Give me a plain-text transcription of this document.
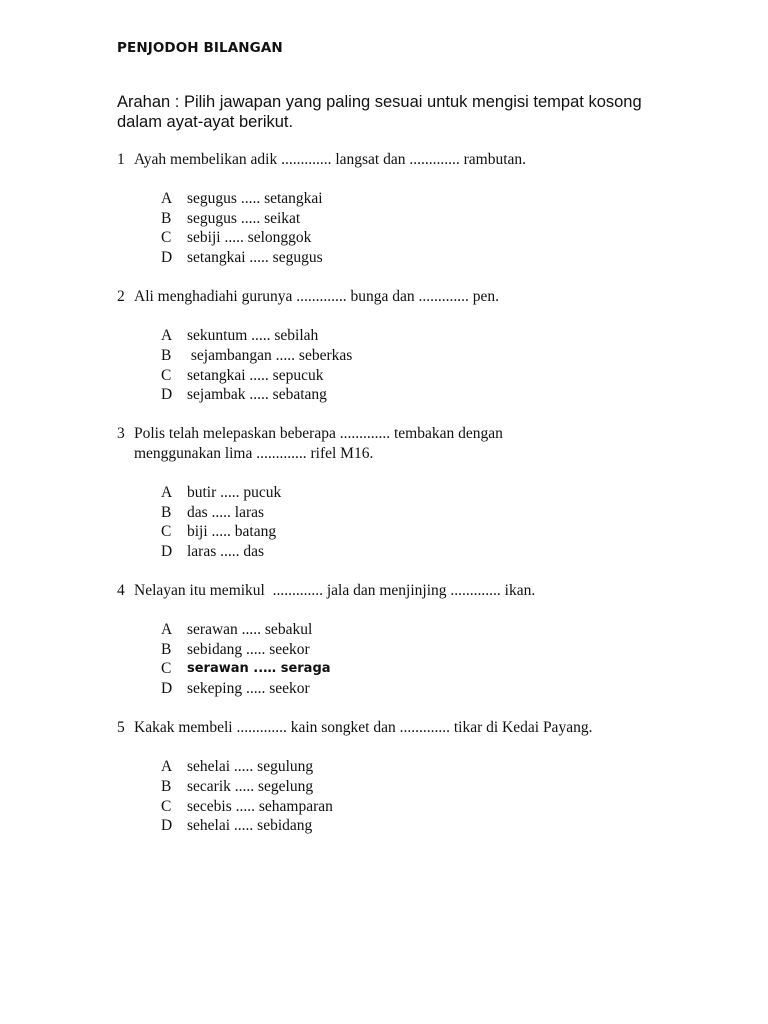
PENJODOH BILANGAN
Arahan : Pilih jawapan yang paling sesuai untuk mengisi tempat kosong dalam ayat-ayat berikut.
1 Ayah membelikan adik ............. langsat dan ............. rambutan.
A segugus ..... setangkai
B	segugus ..... seikat
C	sebiji ..... selonggok
D setangkai ..... segugus
2 Ali menghadiahi gurunya ............. bunga dan ............. pen.
A sekuntum ..... sebilah
B	sejambangan ..... seberkas
C	setangkai ..... sepucuk
D sejambak ..... sebatang
3 Polis telah melepaskan beberapa ............. tembakan dengan menggunakan lima ............. rifel M16.
A butir ..... pucuk
B	das ..... laras
C	biji ..... batang
D laras ..... das
4 Nelayan itu memikul  ............. jala dan menjinjing ............. ikan.
A serawan ..... sebakul
B	sebidang ..... seekor
C	serawan ..… seraga
D sekeping ..... seekor
5 Kakak membeli ............. kain songket dan ............. tikar di Kedai Payang.
A sehelai ..... segulung
B	secarik ..... segelung
C	secebis ..... sehamparan
D sehelai ..... sebidang
